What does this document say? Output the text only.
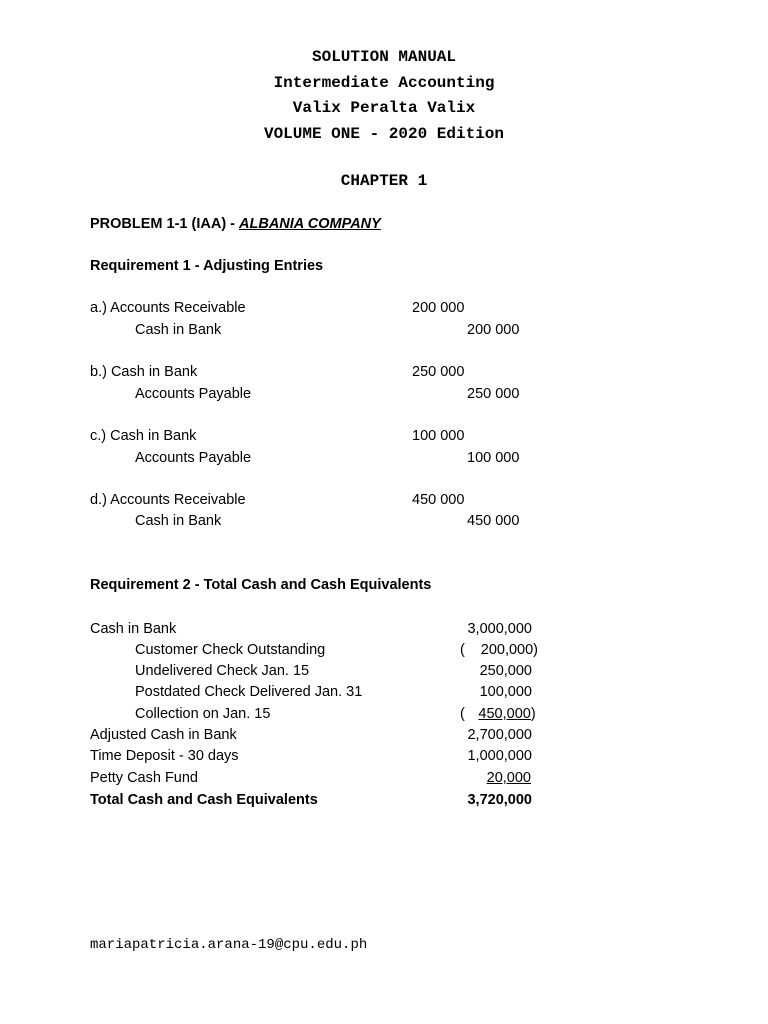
SOLUTION MANUAL
Intermediate Accounting
Valix Peralta Valix
VOLUME ONE - 2020 Edition
CHAPTER 1
PROBLEM 1-1 (IAA) - ALBANIA COMPANY
Requirement 1 - Adjusting Entries
a.) Accounts Receivable	200 000
Cash in Bank	200 000
b.) Cash in Bank	250 000
Accounts Payable	250 000
c.) Cash in Bank	100 000
Accounts Payable	100 000
d.) Accounts Receivable	450 000
Cash in Bank	450 000
Requirement 2 - Total Cash and Cash Equivalents
Cash in Bank	3,000,000
Customer Check Outstanding	(	200,000)
Undelivered Check Jan. 15	250,000
Postdated Check Delivered Jan. 31	100,000
Collection on Jan. 15	( 450,000)
Adjusted Cash in Bank	2,700,000
Time Deposit - 30 days	1,000,000
Petty Cash Fund	20,000
Total Cash and Cash Equivalents	3,720,000
mariapatricia.arana-19@cpu.edu.ph
